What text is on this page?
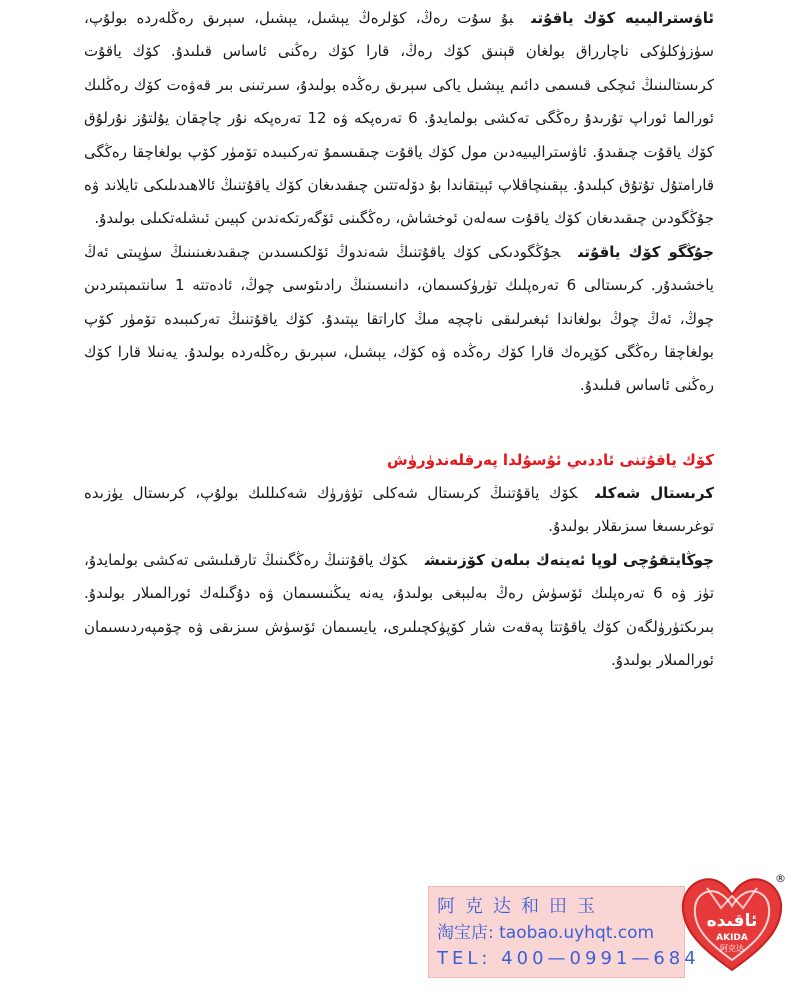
ئاۋستراليىيە كۆك ياقۇتىبۇ سۇت رەڭ، كۆلرەڭ يېشىل، يېشىل، سېرىق رەڭلەردە بولۇپ، سۈزۈكلۈكى ناچارراق بولغان قېنىق كۆك رەڭ، قارا كۆك رەڭنى ئاساس قىلىدۇ. كۆك ياقۇت كرىستالىنىڭ ئىچكى قىسمى دائىم يېشىل ياكى سېرىق رەڭدە بولىدۇ، سىرتىنى بىر قەۋەت كۆك رەڭلىك ئورالما ئوراپ تۇرىدۇ رەڭگى تەكشى بولمايدۇ. 6 تەرەپكە ۋە 12 تەرەپكە نۇر چاچقان يۇلتۇز نۇرلۇق كۆك ياقۇت چىقىدۇ. ئاۋستراليىيەدىن مول كۆك ياقۇت چىقىسمۇ تەركىبىدە تۆمۈر كۆپ بولغاچقا رەڭگى قارامتۇل تۇتۇق كېلىدۇ. يېقىنچاقلاپ ئېيتقاندا بۇ دۆلەتتىن چىقىدىغان كۆك ياقۇتنىڭ ئالاھىدىلىكى تايلاند ۋە جۇڭگودىن چىقىدىغان كۆك ياقۇت سەلەن ئوخشاش، رەڭگىنى ئۆگەرتكەندىن كېيىن ئىشلەتكىلى بولىدۇ.

جۇڭگو كۆك ياقۇتىجۇڭگودىكى كۆك ياقۇتنىڭ شەندوڭ ئۆلكىسىدىن چىقىدىغىنىنىڭ سۈپىتى ئەڭ ياخشىدۇر. كرىستالى 6 تەرەپلىك تۈرۈكسىمان، دانىسىنىڭ رادىئوسى چوڭ، ئادەتتە 1 سانتىمېتىردىن چوڭ، ئەڭ چوڭ بولغاندا ئېغىرلىقى ناچچە مىڭ كاراتقا يېتىدۇ. كۆك ياقۇتنىڭ تەركىبىدە تۆمۈر كۆپ بولغاچقا رەڭگى كۆپرەك قارا كۆك رەڭدە ۋە كۆك، يېشىل، سېرىق رەڭلەردە بولىدۇ. يەنىلا قارا كۆك رەڭنى ئاساس قىلىدۇ.

كۆك ياقۇتنى ئاددىي ئۇسۇلدا پەرقلەندۈرۈش

كرىستال شەكلىكۆك ياقۇتنىڭ كرىستال شەكلى تۈۋرۈك شەكىللىك بولۇپ، كرىستال يۈزىدە توغرىسىغا سىزىقلار بولىدۇ.

چوڭايتقۇچى لوپا ئەينەك بىلەن كۆزىتىشكۆك ياقۇتنىڭ رەڭگىنىڭ تارقىلىشى تەكشى بولمايدۇ، تۈز ۋە 6 تەرەپلىك ئۆسۈش رەڭ بەلبېغى بولىدۇ، يەنە يىڭنىسىمان ۋە دۇگىلەك ئورالمىلار بولىدۇ. بىرىكتۈرۈلگەن كۆك ياقۇتتا پەقەت شار كۆپۈكچىلىرى، يايسىمان ئۆسۈش سىزىقى ۋە چۆمپەردىسىمان ئورالمىلار بولىدۇ.

阿克达和田玉
淘宝店: taobao.uyhqt.com
TEL: 400—0991—684
ئاقىدە
AKIDA
阿克达
®
